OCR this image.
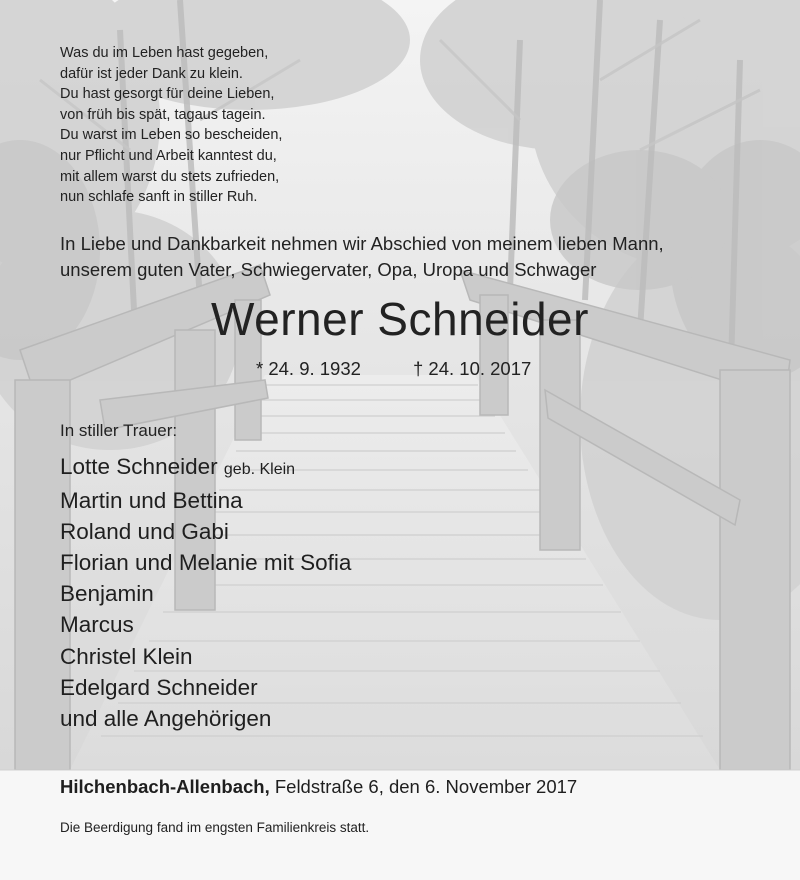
Was du im Leben hast gegeben,
dafür ist jeder Dank zu klein.
Du hast gesorgt für deine Lieben,
von früh bis spät, tagaus tagein.
Du warst im Leben so bescheiden,
nur Pflicht und Arbeit kanntest du,
mit allem warst du stets zufrieden,
nun schlafe sanft in stiller Ruh.
In Liebe und Dankbarkeit nehmen wir Abschied von meinem lieben Mann,
unserem guten Vater, Schwiegervater, Opa, Uropa und Schwager
Werner Schneider
* 24. 9. 1932	† 24. 10. 2017
In stiller Trauer:
Lotte Schneider geb. Klein
Martin und Bettina
Roland und Gabi
Florian und Melanie mit Sofia
Benjamin
Marcus
Christel Klein
Edelgard Schneider
und alle Angehörigen
Hilchenbach-Allenbach, Feldstraße 6, den 6. November 2017
Die Beerdigung fand im engsten Familienkreis statt.
